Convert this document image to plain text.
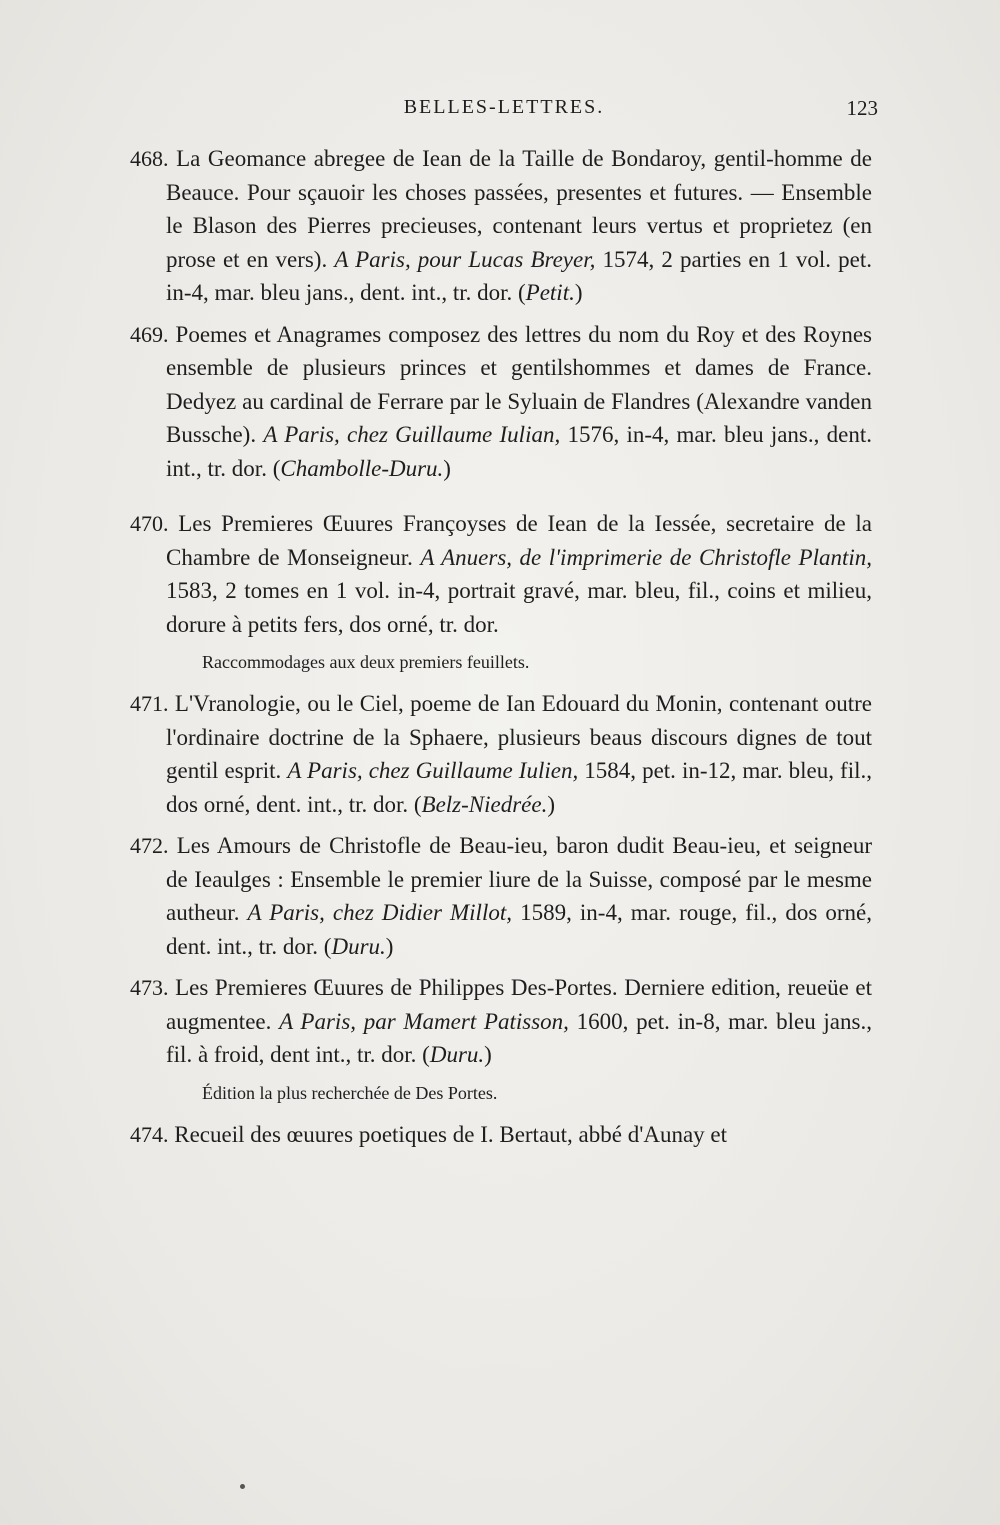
BELLES-LETTRES.	123

468. La Geomance abregee de Iean de la Taille de Bondaroy, gentil-homme de Beauce. Pour sçauoir les choses passées, presentes et futures. — Ensemble le Blason des Pierres precieuses, contenant leurs vertus et proprietez (en prose et en vers). A Paris, pour Lucas Breyer, 1574, 2 parties en 1 vol. pet. in-4, mar. bleu jans., dent. int., tr. dor. (Petit.)

469. Poemes et Anagrames composez des lettres du nom du Roy et des Roynes ensemble de plusieurs princes et gentilshommes et dames de France. Dedyez au cardinal de Ferrare par le Syluain de Flandres (Alexandre vanden Bussche). A Paris, chez Guillaume Iulian, 1576, in-4, mar. bleu jans., dent. int., tr. dor. (Chambolle-Duru.)

470. Les Premieres Œuures Françoyses de Iean de la Iessée, secretaire de la Chambre de Monseigneur. A Anuers, de l'imprimerie de Christofle Plantin, 1583, 2 tomes en 1 vol. in-4, portrait gravé, mar. bleu, fil., coins et milieu, dorure à petits fers, dos orné, tr. dor.

Raccommodages aux deux premiers feuillets.

471. L'Vranologie, ou le Ciel, poeme de Ian Edouard du Monin, contenant outre l'ordinaire doctrine de la Sphaere, plusieurs beaus discours dignes de tout gentil esprit. A Paris, chez Guillaume Iulien, 1584, pet. in-12, mar. bleu, fil., dos orné, dent. int., tr. dor. (Belz-Niedrée.)

472. Les Amours de Christofle de Beau-ieu, baron dudit Beau-ieu, et seigneur de Ieaulges : Ensemble le premier liure de la Suisse, composé par le mesme autheur. A Paris, chez Didier Millot, 1589, in-4, mar. rouge, fil., dos orné, dent. int., tr. dor. (Duru.)

473. Les Premieres Œuures de Philippes Des-Portes. Derniere edition, reueüe et augmentee. A Paris, par Mamert Patisson, 1600, pet. in-8, mar. bleu jans., fil. à froid, dent int., tr. dor. (Duru.)

Édition la plus recherchée de Des Portes.

474. Recueil des œuures poetiques de I. Bertaut, abbé d'Aunay et
